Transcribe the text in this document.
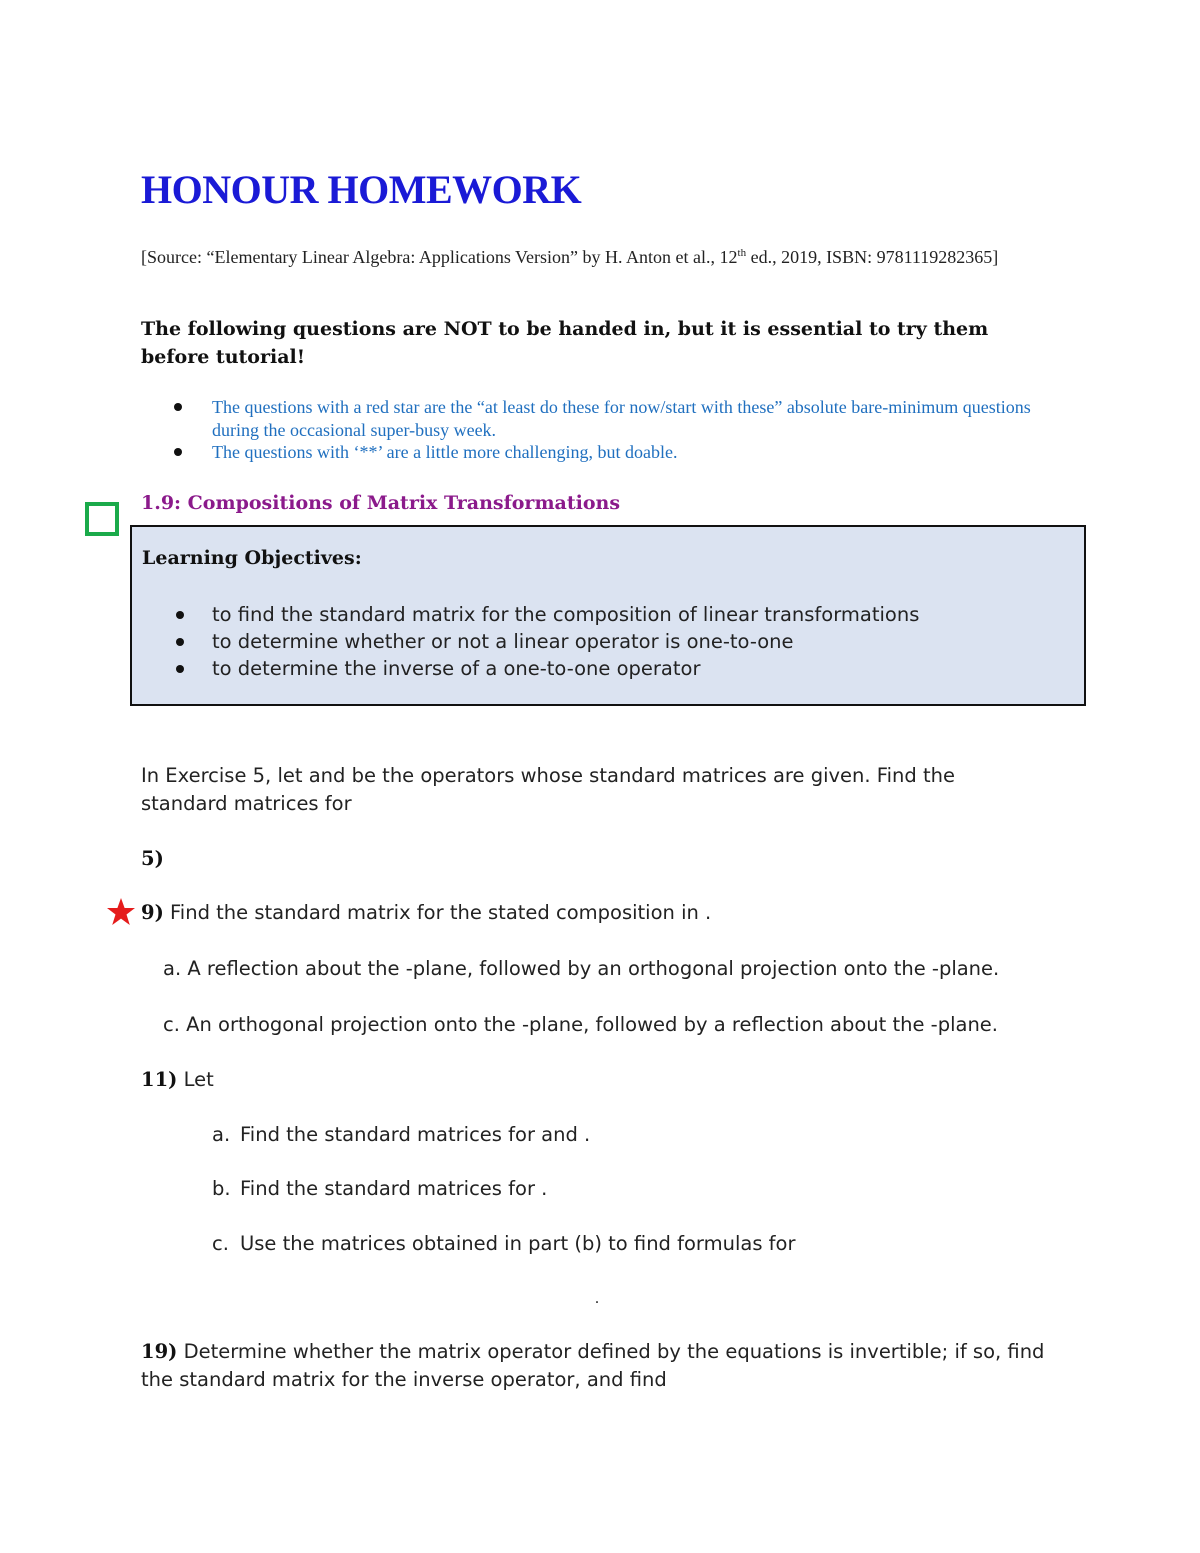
HONOUR HOMEWORK
[Source: “Elementary Linear Algebra: Applications Version” by H. Anton et al., 12th ed., 2019, ISBN: 9781119282365]
The following questions are NOT to be handed in, but it is essential to try them before tutorial!
The questions with a red star are the “at least do these for now/start with these” absolute bare-minimum questions during the occasional super-busy week.
The questions with ‘**’ are a little more challenging, but doable.
1.9: Compositions of Matrix Transformations
Learning Objectives:
to find the standard matrix for the composition of linear transformations
to determine whether or not a linear operator is one-to-one
to determine the inverse of a one-to-one operator
In Exercise 5, let and be the operators whose standard matrices are given. Find the standard matrices for
5)
9) Find the standard matrix for the stated composition in .
a. A reflection about the -plane, followed by an orthogonal projection onto the -plane.
c. An orthogonal projection onto the -plane, followed by a reflection about the -plane.
11) Let
a. Find the standard matrices for and .
b. Find the standard matrices for .
c. Use the matrices obtained in part (b) to find formulas for
.
19) Determine whether the matrix operator defined by the equations is invertible; if so, find the standard matrix for the inverse operator, and find
